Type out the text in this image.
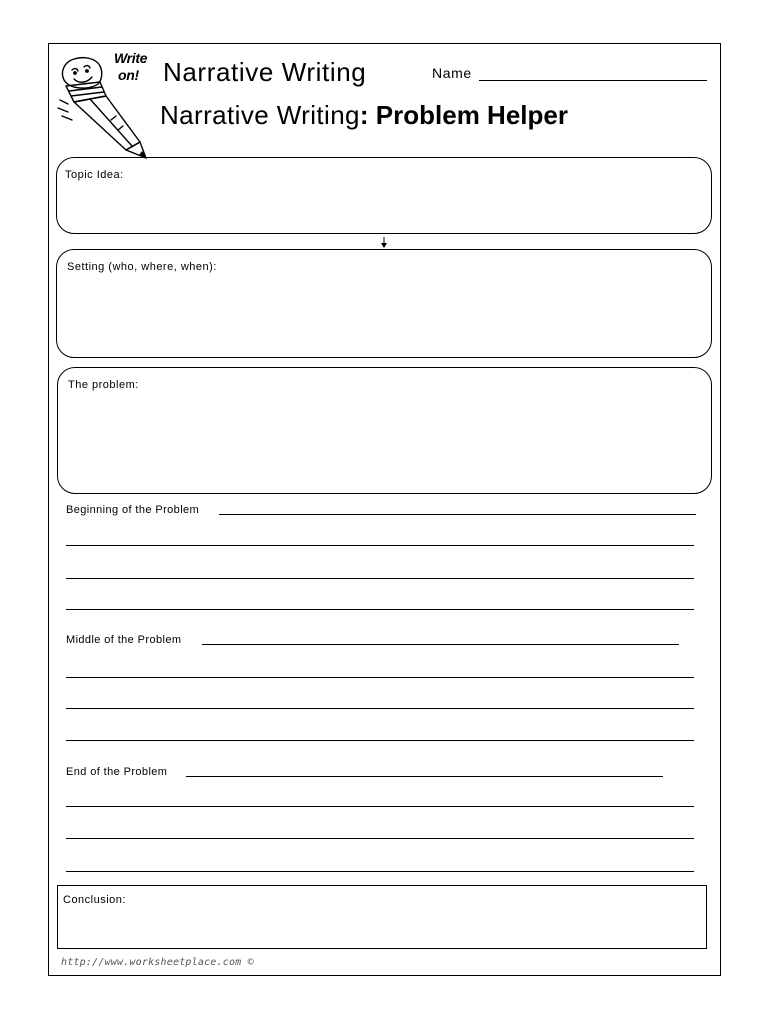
Write
on! Narrative Writing	Name
Narrative Writing: Problem Helper
Topic Idea:
Setting (who, where, when):
The problem:
Beginning of the Problem
Middle of the Problem
End of the Problem
Conclusion:
http://www.worksheetplace.com ©
